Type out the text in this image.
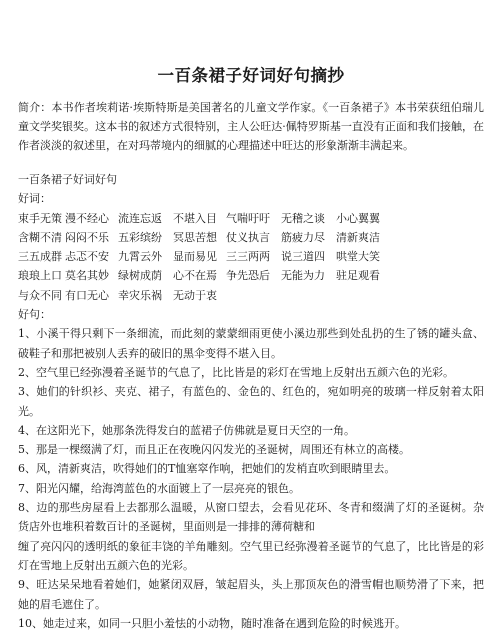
一百条裙子好词好句摘抄

简介：本书作者埃莉诺·埃斯特斯是美国著名的儿童文学作家。《一百条裙子》本书荣获纽伯瑞儿童文学奖银奖。这本书的叙述方式很特别，主人公旺达·佩特罗斯基一直没有正面和我们接触，在作者淡淡的叙述里，在对玛蒂境内的细腻的心理描述中旺达的形象渐渐丰满起来。

一百条裙子好词好句
好词：
束手无策	漫不经心	流连忘返	不堪入目	气喘吁吁	无稽之谈	小心翼翼
含糊不清	闷闷不乐	五彩缤纷	冥思苦想	仗义执言	筋疲力尽	清新爽洁
三五成群	忐忑不安	九霄云外	显而易见	三三两两	说三道四	哄堂大笑
琅琅上口	莫名其妙	绿树成荫	心不在焉	争先恐后	无能为力	驻足观看
与众不同	有口无心	幸灾乐祸	无动于衷			
好句：

1、小溪干得只剩下一条细流，而此刻的蒙蒙细雨更使小溪边那些到处乱扔的生了锈的罐头盒、破鞋子和那把被别人丢弃的破旧的黑伞变得不堪入目。

2、空气里已经弥漫着圣诞节的气息了，比比皆是的彩灯在雪地上反射出五颜六色的光彩。

3、她们的针织衫、夹克、裙子，有蓝色的、金色的、红色的，宛如明亮的玻璃一样反射着太阳光。

4、在这阳光下，她那条洗得发白的蓝裙子仿佛就是夏日天空的一角。

5、那是一棵缀满了灯，而且正在夜晚闪闪发光的圣诞树，周围还有林立的高楼。

6、风，清新爽洁，吹得她们的T恤塞窣作响，把她们的发梢直吹到眼睛里去。

7、阳光闪耀，给海湾蓝色的水面镀上了一层亮亮的银色。

8、边的那些房屋看上去都那么温暖，从窗口望去，会看见花环、冬青和缀满了灯的圣诞树。杂货店外也堆积着数百计的圣诞树，里面则是一排排的薄荷糖和

缠了亮闪闪的透明纸的象征丰饶的羊角雕刻。空气里已经弥漫着圣诞节的气息了，比比皆是的彩灯在雪地上反射出五颜六色的光彩。

9、旺达呆呆地看着她们，她紧闭双唇，皱起眉头，头上那顶灰色的滑雪帽也顺势滑了下来，把她的眉毛遮住了。

10、她走过来，如同一只胆小羞怯的小动物，随时准备在遇到危险的时候逃开。
